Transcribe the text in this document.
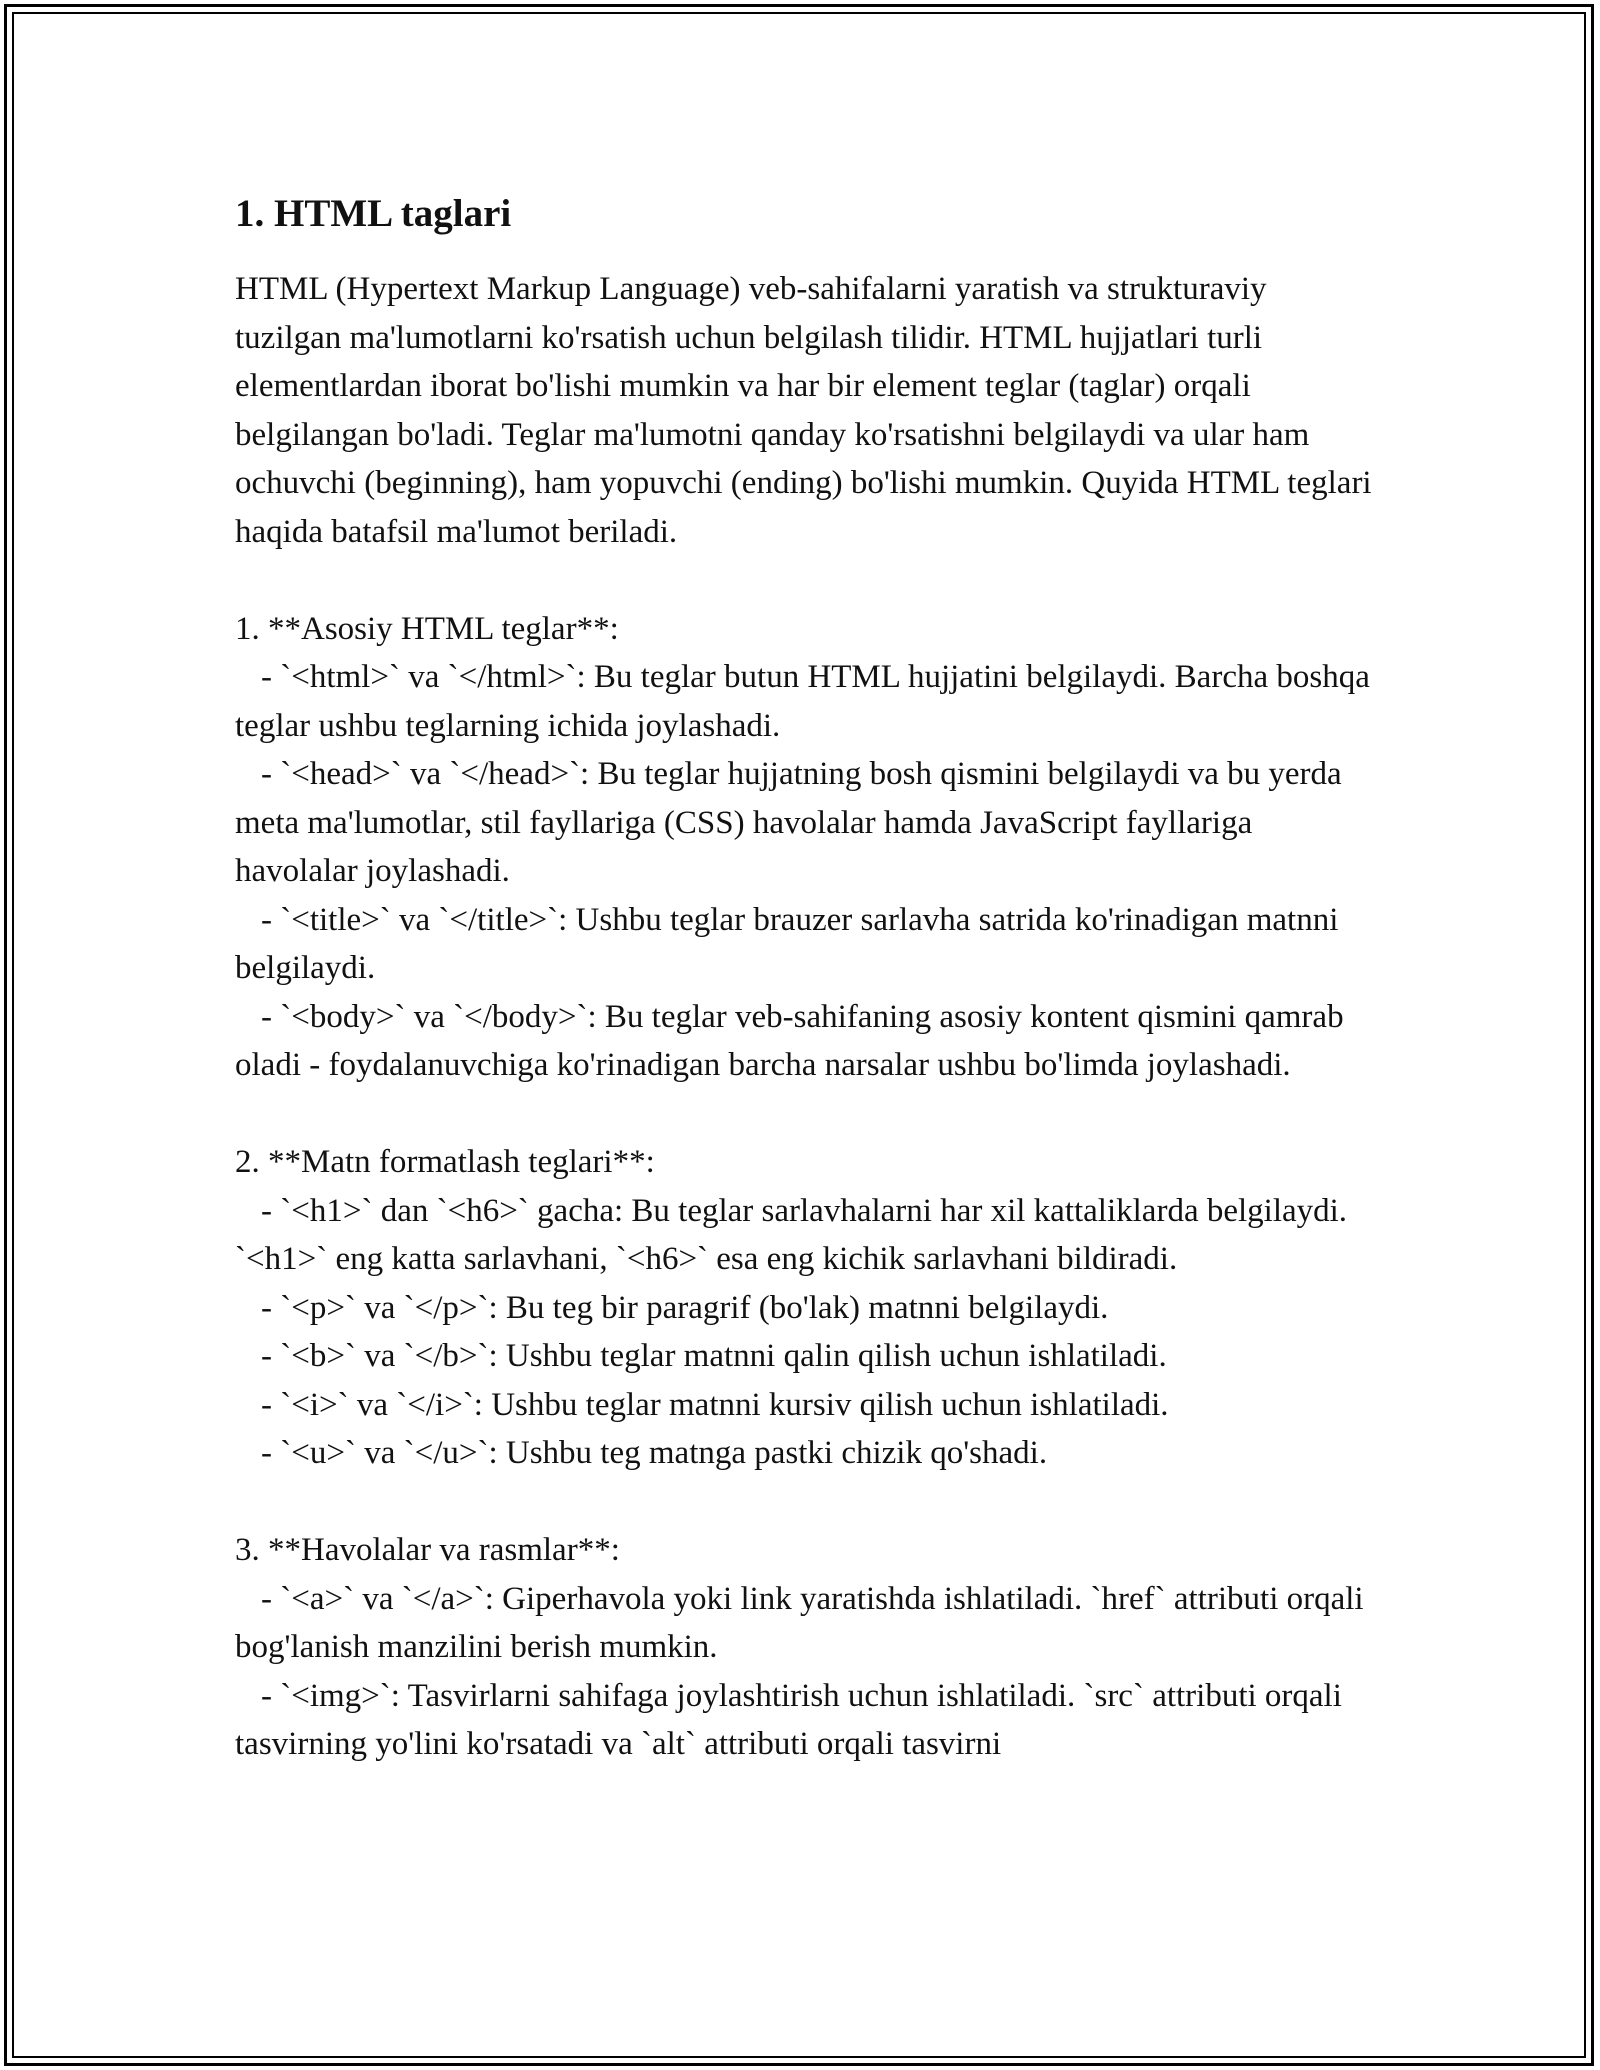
1. HTML taglari

HTML (Hypertext Markup Language) veb-sahifalarni yaratish va strukturaviy tuzilgan ma'lumotlarni ko'rsatish uchun belgilash tilidir. HTML hujjatlari turli elementlardan iborat bo'lishi mumkin va har bir element teglar (taglar) orqali belgilangan bo'ladi. Teglar ma'lumotni qanday ko'rsatishni belgilaydi va ular ham ochuvchi (beginning), ham yopuvchi (ending) bo'lishi mumkin. Quyida HTML teglari haqida batafsil ma'lumot beriladi.

1. **Asosiy HTML teglar**:

- `<html>` va `</html>`: Bu teglar butun HTML hujjatini belgilaydi. Barcha boshqa teglar ushbu teglarning ichida joylashadi.

- `<head>` va `</head>`: Bu teglar hujjatning bosh qismini belgilaydi va bu yerda meta ma'lumotlar, stil fayllariga (CSS) havolalar hamda JavaScript fayllariga havolalar joylashadi.

- `<title>` va `</title>`: Ushbu teglar brauzer sarlavha satrida ko'rinadigan matnni belgilaydi.

- `<body>` va `</body>`: Bu teglar veb-sahifaning asosiy kontent qismini qamrab oladi - foydalanuvchiga ko'rinadigan barcha narsalar ushbu bo'limda joylashadi.

2. **Matn formatlash teglari**:

- `<h1>` dan `<h6>` gacha: Bu teglar sarlavhalarni har xil kattaliklarda belgilaydi. `<h1>` eng katta sarlavhani, `<h6>` esa eng kichik sarlavhani bildiradi.

- `<p>` va `</p>`: Bu teg bir paragrif (bo'lak) matnni belgilaydi.

- `<b>` va `</b>`: Ushbu teglar matnni qalin qilish uchun ishlatiladi.

- `<i>` va `</i>`: Ushbu teglar matnni kursiv qilish uchun ishlatiladi.

- `<u>` va `</u>`: Ushbu teg matnga pastki chizik qo'shadi.

3. **Havolalar va rasmlar**:

- `<a>` va `</a>`: Giperhavola yoki link yaratishda ishlatiladi. `href` attributi orqali bog'lanish manzilini berish mumkin.

- `<img>`: Tasvirlarni sahifaga joylashtirish uchun ishlatiladi. `src` attributi orqali tasvirning yo'lini ko'rsatadi va `alt` attributi orqali tasvirni
